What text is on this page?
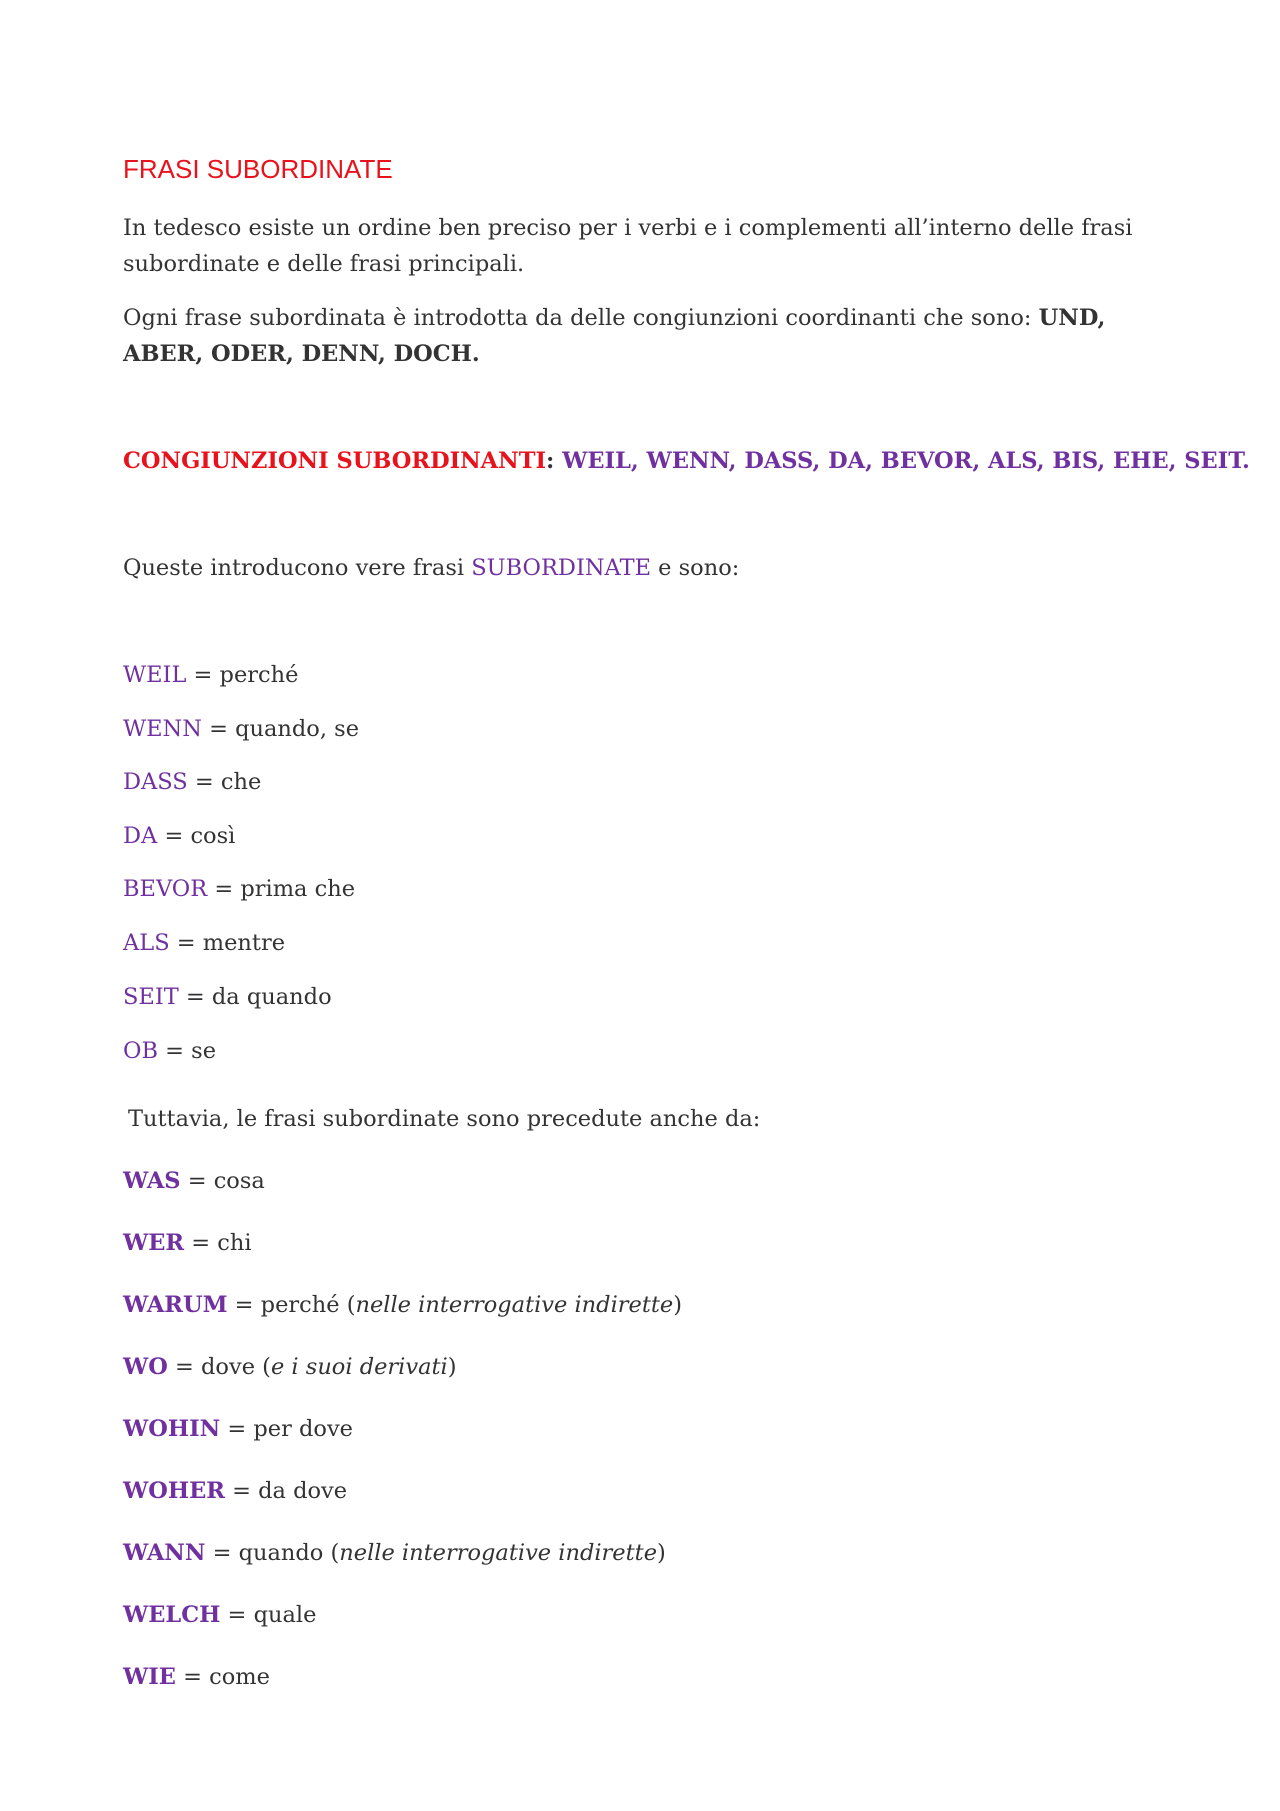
FRASI SUBORDINATE
In tedesco esiste un ordine ben preciso per i verbi e i complementi all’interno delle frasi subordinate e delle frasi principali.
Ogni frase subordinata è introdotta da delle congiunzioni coordinanti che sono: UND, ABER, ODER, DENN, DOCH.
CONGIUNZIONI SUBORDINANTI: WEIL, WENN, DASS, DA, BEVOR, ALS, BIS, EHE, SEIT.
Queste introducono vere frasi SUBORDINATE e sono:
WEIL = perché
WENN = quando, se
DASS = che
DA = così
BEVOR = prima che
ALS = mentre
SEIT = da quando
OB = se
Tuttavia, le frasi subordinate sono precedute anche da:
WAS = cosa
WER = chi
WARUM = perché (nelle interrogative indirette)
WO = dove (e i suoi derivati)
WOHIN = per dove
WOHER = da dove
WANN = quando (nelle interrogative indirette)
WELCH = quale
WIE = come
